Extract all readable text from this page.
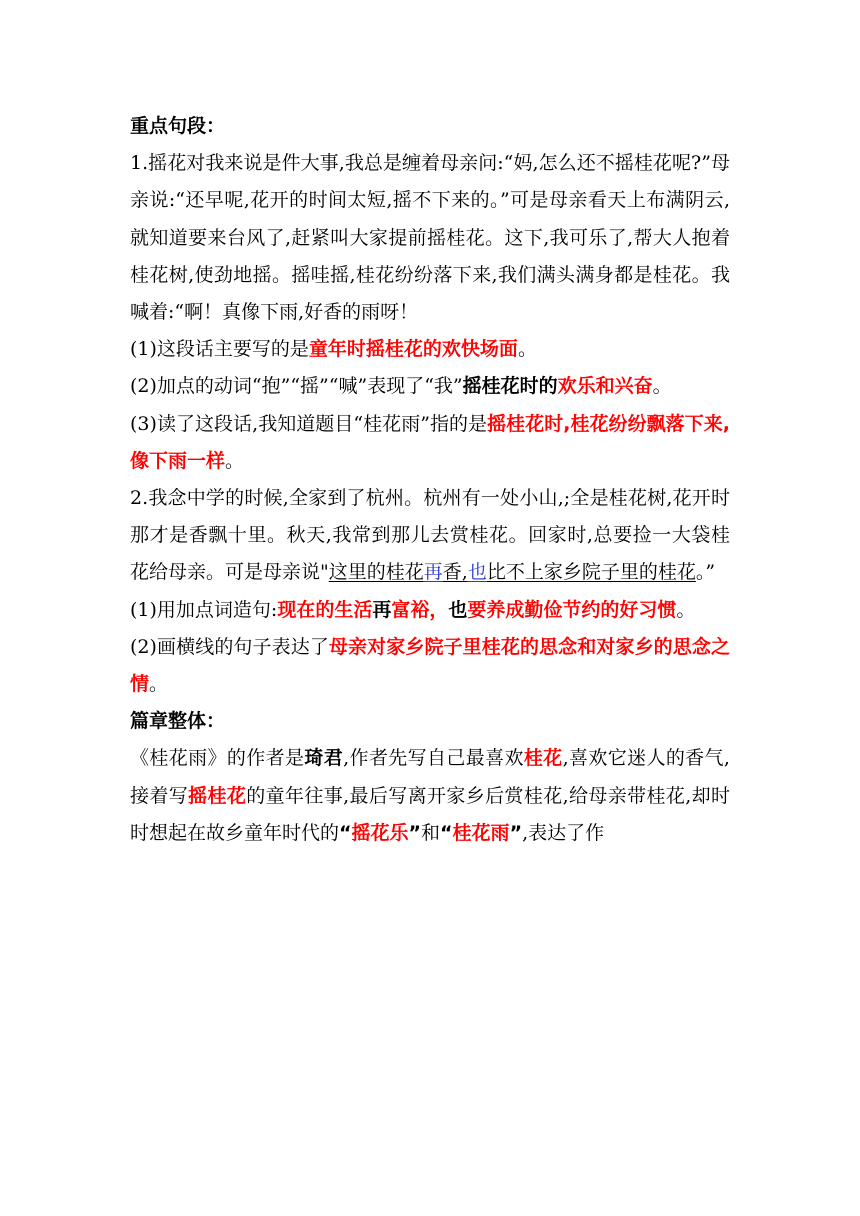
重点句段：

1.摇花对我来说是件大事,我总是缠着母亲问:“妈,怎么还不摇桂花呢?”母亲说:“还早呢,花开的时间太短,摇不下来的。”可是母亲看天上布满阴云,就知道要来台风了,赶紧叫大家提前摇桂花。这下,我可乐了,帮大人抱着桂花树,使劲地摇。摇哇摇,桂花纷纷落下来,我们满头满身都是桂花。我喊着:“啊！真像下雨,好香的雨呀！

(1)这段话主要写的是童年时摇桂花的欢快场面。

(2)加点的动词“抱”“摇”“喊”表现了“我”摇桂花时的欢乐和兴奋。

(3)读了这段话,我知道题目“桂花雨”指的是摇桂花时,桂花纷纷飘落下来,像下雨一样。

2.我念中学的时候,全家到了杭州。杭州有一处小山,;全是桂花树,花开时那才是香飘十里。秋天,我常到那儿去赏桂花。回家时,总要捡一大袋桂花给母亲。可是母亲说"这里的桂花再香,也比不上家乡院子里的桂花。”

(1)用加点词造句:现在的生活再富裕，也要养成勤俭节约的好习惯。

(2)画横线的句子表达了母亲对家乡院子里桂花的思念和对家乡的思念之情。

篇章整体：

《桂花雨》的作者是琦君,作者先写自己最喜欢桂花,喜欢它迷人的香气,接着写摇桂花的童年往事,最后写离开家乡后赏桂花,给母亲带桂花,却时时想起在故乡童年时代的“摇花乐”和“桂花雨”,表达了作
